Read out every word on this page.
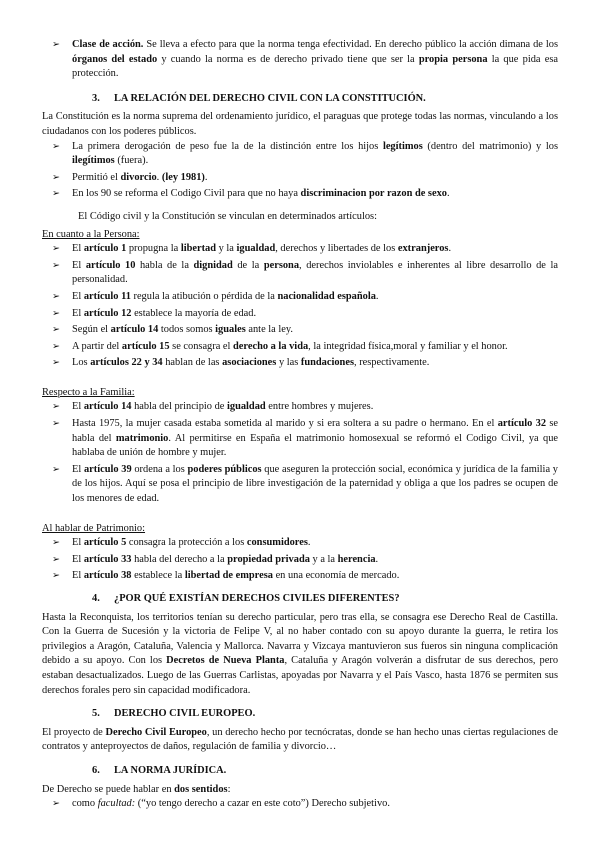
➢ Clase de acción. Se lleva a efecto para que la norma tenga efectividad. En derecho público la acción dimana de los órganos del estado y cuando la norma es de derecho privado tiene que ser la propia persona la que pida esa protección.

3. LA RELACIÓN DEL DERECHO CIVIL CON LA CONSTITUCIÓN.

La Constitución es la norma suprema del ordenamiento jurídico, el paraguas que protege todas las normas, vinculando a los ciudadanos con los poderes públicos.

➢ La primera derogación de peso fue la de la distinción entre los hijos legítimos (dentro del matrimonio) y los ilegítimos (fuera).

➢ Permitió el divorcio. (ley 1981).

➢ En los 90 se reforma el Codigo Civil para que no haya discriminacion por razon de sexo.

El Código civil y la Constitución se vinculan en determinados artículos:

En cuanto a la Persona:

➢ El artículo 1 propugna la libertad y la igualdad, derechos y libertades de los extranjeros.

➢ El artículo 10 habla de la dignidad de la persona, derechos inviolables e inherentes al libre desarrollo de la personalidad.

➢ El artículo 11 regula la atibución o pérdida de la nacionalidad española.

➢ El artículo 12 establece la mayoría de edad.

➢ Según el artículo 14 todos somos iguales ante la ley.

➢ A partir del artículo 15 se consagra el derecho a la vida, la integridad física,moral y familiar y el honor.

➢ Los artículos 22 y 34 hablan de las asociaciones y las fundaciones, respectivamente.

Respecto a la Familia:

➢ El artículo 14 habla del principio de igualdad entre hombres y mujeres.

➢ Hasta 1975, la mujer casada estaba sometida al marido y si era soltera a su padre o hermano. En el artículo 32 se habla del matrimonio. Al permitirse en España el matrimonio homosexual se reformó el Codigo Civil, ya que hablaba de unión de hombre y mujer.

➢ El artículo 39 ordena a los poderes públicos que aseguren la protección social, económica y jurídica de la familia y de los hijos. Aquí se posa el principio de libre investigación de la paternidad y obliga a que los padres se ocupen de los menores de edad.

Al hablar de Patrimonio:

➢ El artículo 5 consagra la protección a los consumidores.

➢ El artículo 33 habla del derecho a la propiedad privada y a la herencia.

➢ El artículo 38 establece la libertad de empresa en una economía de mercado.

4. ¿POR QUÉ EXISTÍAN DERECHOS CIVILES DIFERENTES?

Hasta la Reconquista, los territorios tenían su derecho particular, pero tras ella, se consagra ese Derecho Real de Castilla. Con la Guerra de Sucesión y la victoria de Felipe V, al no haber contado con su apoyo durante la guerra, le retira los privilegios a Aragón, Cataluña, Valencia y Mallorca. Navarra y Vizcaya mantuvieron sus fueros sin ninguna complicación debido a su apoyo. Con los Decretos de Nueva Planta, Cataluña y Aragón volverán a disfrutar de sus derechos, pero estaban desactualizados. Luego de las Guerras Carlistas, apoyadas por Navarra y el País Vasco, hasta 1876 se permiten sus derechos forales pero sin capacidad modificadora.

5. DERECHO CIVIL EUROPEO.

El proyecto de Derecho Civil Europeo, un derecho hecho por tecnócratas, donde se han hecho unas ciertas regulaciones de contratos y anteproyectos de daños, regulación de familia y divorcio…

6. LA NORMA JURÍDICA.

De Derecho se puede hablar en dos sentidos:

➢ como facultad: (“yo tengo derecho a cazar en este coto”) Derecho subjetivo.
